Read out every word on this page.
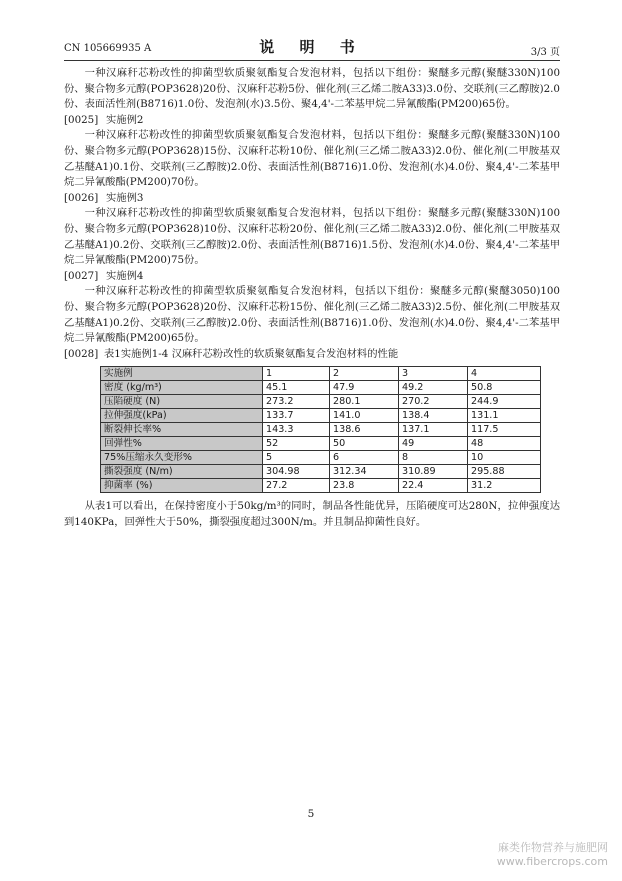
CN 105669935 A	说 明 书	3/3 页

一种汉麻秆芯粉改性的抑菌型软质聚氨酯复合发泡材料，包括以下组份：聚醚多元醇(聚醚330N)100份、聚合物多元醇(POP3628)20份、汉麻秆芯粉5份、催化剂(三乙烯二胺A33)3.0份、交联剂(三乙醇胺)2.0份、表面活性剂(B8716)1.0份、发泡剂(水)3.5份、聚4,4'-二苯基甲烷二异氰酸酯(PM200)65份。

[0025] 实施例2

一种汉麻秆芯粉改性的抑菌型软质聚氨酯复合发泡材料，包括以下组份：聚醚多元醇(聚醚330N)100份、聚合物多元醇(POP3628)15份、汉麻秆芯粉10份、催化剂(三乙烯二胺A33)2.0份、催化剂(二甲胺基双乙基醚A1)0.1份、交联剂(三乙醇胺)2.0份、表面活性剂(B8716)1.0份、发泡剂(水)4.0份、聚4,4'-二苯基甲烷二异氰酸酯(PM200)70份。

[0026] 实施例3

一种汉麻秆芯粉改性的抑菌型软质聚氨酯复合发泡材料，包括以下组份：聚醚多元醇(聚醚330N)100份、聚合物多元醇(POP3628)10份、汉麻秆芯粉20份、催化剂(三乙烯二胺A33)2.0份、催化剂(二甲胺基双乙基醚A1)0.2份、交联剂(三乙醇胺)2.0份、表面活性剂(B8716)1.5份、发泡剂(水)4.0份、聚4,4'-二苯基甲烷二异氰酸酯(PM200)75份。

[0027] 实施例4

一种汉麻秆芯粉改性的抑菌型软质聚氨酯复合发泡材料，包括以下组份：聚醚多元醇(聚醚3050)100份、聚合物多元醇(POP3628)20份、汉麻秆芯粉15份、催化剂(三乙烯二胺A33)2.5份、催化剂(二甲胺基双乙基醚A1)0.2份、交联剂(三乙醇胺)2.0份、表面活性剂(B8716)1.0份、发泡剂(水)4.0份、聚4,4'-二苯基甲烷二异氰酸酯(PM200)65份。

[0028] 表1实施例1-4 汉麻秆芯粉改性的软质聚氨酯复合发泡材料的性能

实施例	1	2	3	4
密度 (kg/m³)	45.1	47.9	49.2	50.8
压陷硬度 (N)	273.2	280.1	270.2	244.9
拉伸强度(kPa)	133.7	141.0	138.4	131.1
断裂伸长率%	143.3	138.6	137.1	117.5
回弹性%	52	50	49	48
75%压缩永久变形%	5	6	8	10
撕裂强度 (N/m)	304.98	312.34	310.89	295.88
抑菌率 (%)	27.2	23.8	22.4	31.2

从表1可以看出，在保持密度小于50kg/m³的同时，制品各性能优异，压陷硬度可达280N，拉伸强度达到140KPa，回弹性大于50%，撕裂强度超过300N/m。并且制品抑菌性良好。

5
麻类作物营养与施肥网
www.fibercrops.com
